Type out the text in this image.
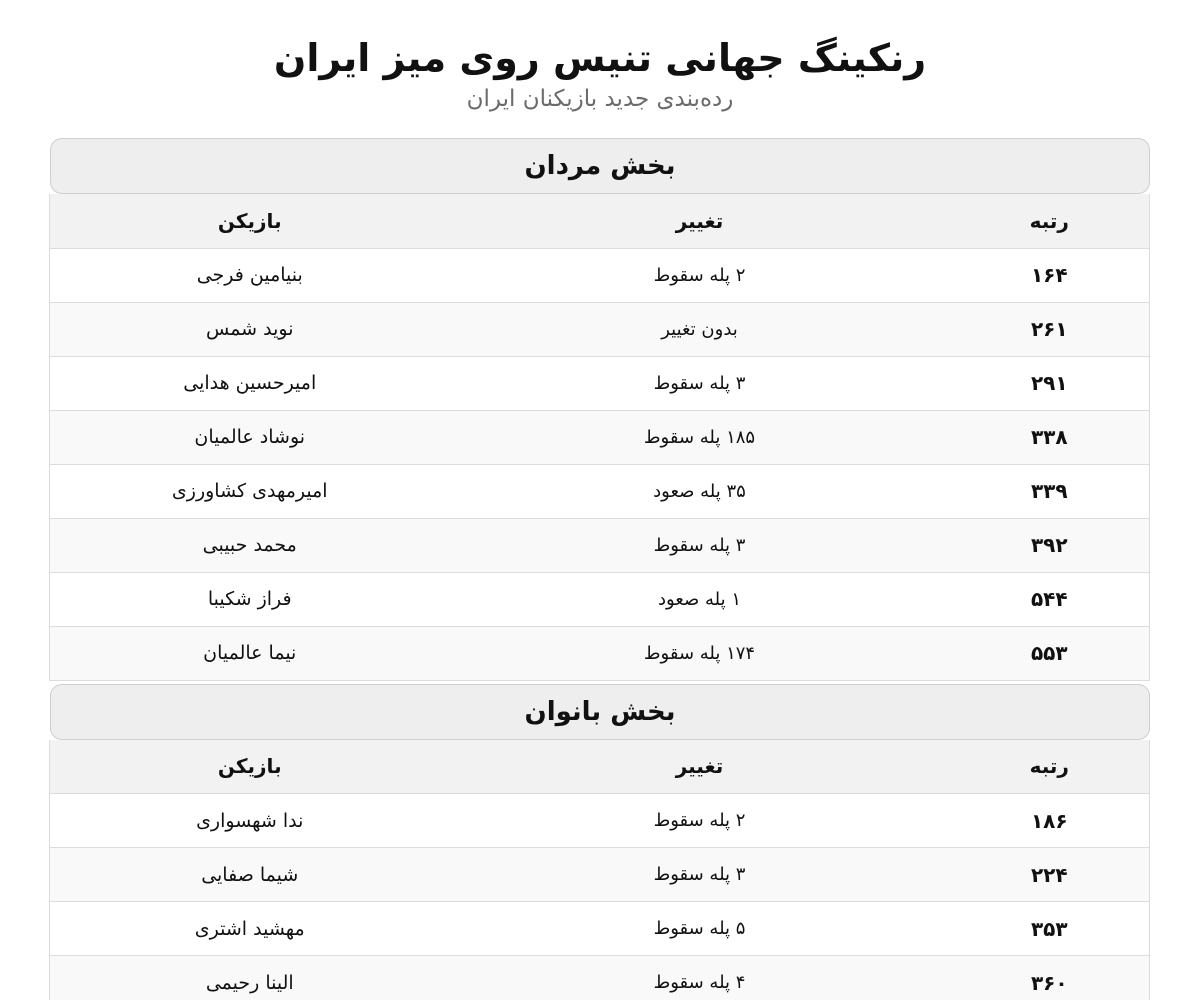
رنکینگ جهانی تنیس روی میز ایران
رده‌بندی جدید بازیکنان ایران
بخش مردان
رتبه	تغییر	بازیکن
۱۶۴	۲ پله سقوط	بنیامین فرجی
۲۶۱	بدون تغییر	نوید شمس
۲۹۱	۳ پله سقوط	امیرحسین هدایی
۳۳۸	۱۸۵ پله سقوط	نوشاد عالمیان
۳۳۹	۳۵ پله صعود	امیرمهدی کشاورزی
۳۹۲	۳ پله سقوط	محمد حبیبی
۵۴۴	۱ پله صعود	فراز شکیبا
۵۵۳	۱۷۴ پله سقوط	نیما عالمیان
بخش بانوان
رتبه	تغییر	بازیکن
۱۸۶	۲ پله سقوط	ندا شهسواری
۲۲۴	۳ پله سقوط	شیما صفایی
۳۵۳	۵ پله سقوط	مهشید اشتری
۳۶۰	۴ پله سقوط	الینا رحیمی
